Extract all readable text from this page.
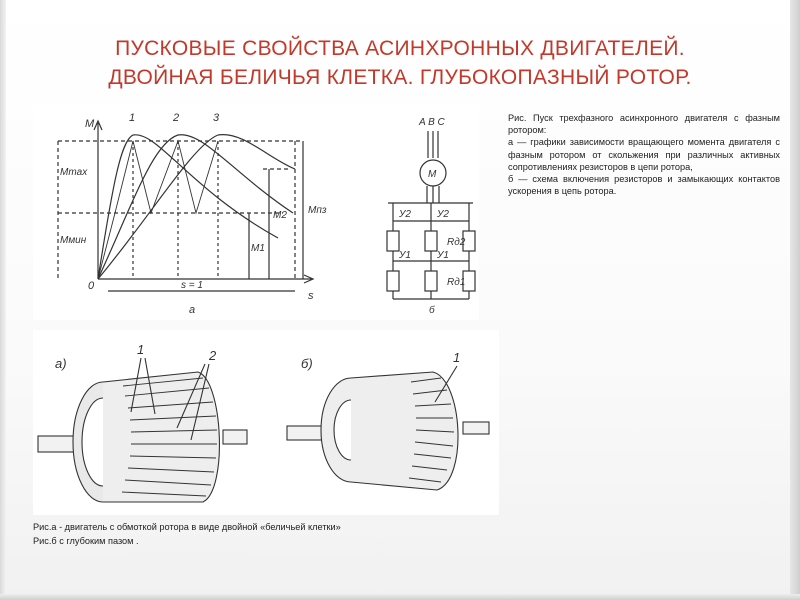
ПУСКОВЫЕ СВОЙСТВА АСИНХРОННЫХ ДВИГАТЕЛЕЙ.
ДВОЙНАЯ БЕЛИЧЬЯ КЛЕТКА. ГЛУБОКОПАЗНЫЙ РОТОР.
M
s
0
1	2	3
Mmax
Mмин
Mпз
M2
M1
s = 1
а
A B C
M
У2	У2
У1	У1
Rд2
Rд1
б
а)
1	2
б)	1

Рис. Пуск трехфазного асинхронного двигателя с фазным ротором:

а — графики зависимости вращающего момента двигателя с фазным ротором от скольжения при различных активных сопротивлениях резисторов в цепи ротора,

б — схема включения резисторов и замыкающих контактов ускорения в цепь ротора.

Рис.а - двигатель с обмоткой ротора в виде двойной «беличьей клетки»

Рис.б с глубоким пазом .
